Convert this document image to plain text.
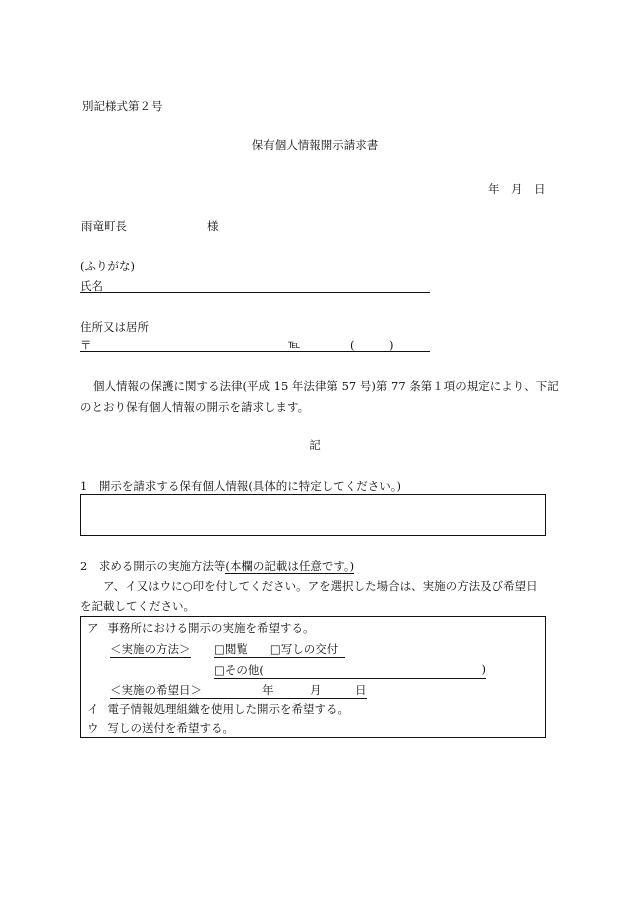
別記様式第２号
保有個人情報開示請求書
年　月　日
雨竜町長	様
(ふりがな)
氏名
住所又は居所
〒	℡	(　　　)
個人情報の保護に関する法律(平成 15 年法律第 57 号)第 77 条第１項の規定により、下記
のとおり保有個人情報の開示を請求します。
記
1　開示を請求する保有個人情報(具体的に特定してください。)
2　求める開示の実施方法等(本欄の記載は任意です。)
ア、イ又はウに○印を付してください。アを選択した場合は、実施の方法及び希望日
を記載してください。
ア 事務所における開示の実施を希望する。
＜実施の方法＞ □閲覧 □写しの交付
□その他(	)
＜実施の希望日＞	年	月	日
イ 電子情報処理組織を使用した開示を希望する。
ウ 写しの送付を希望する。
